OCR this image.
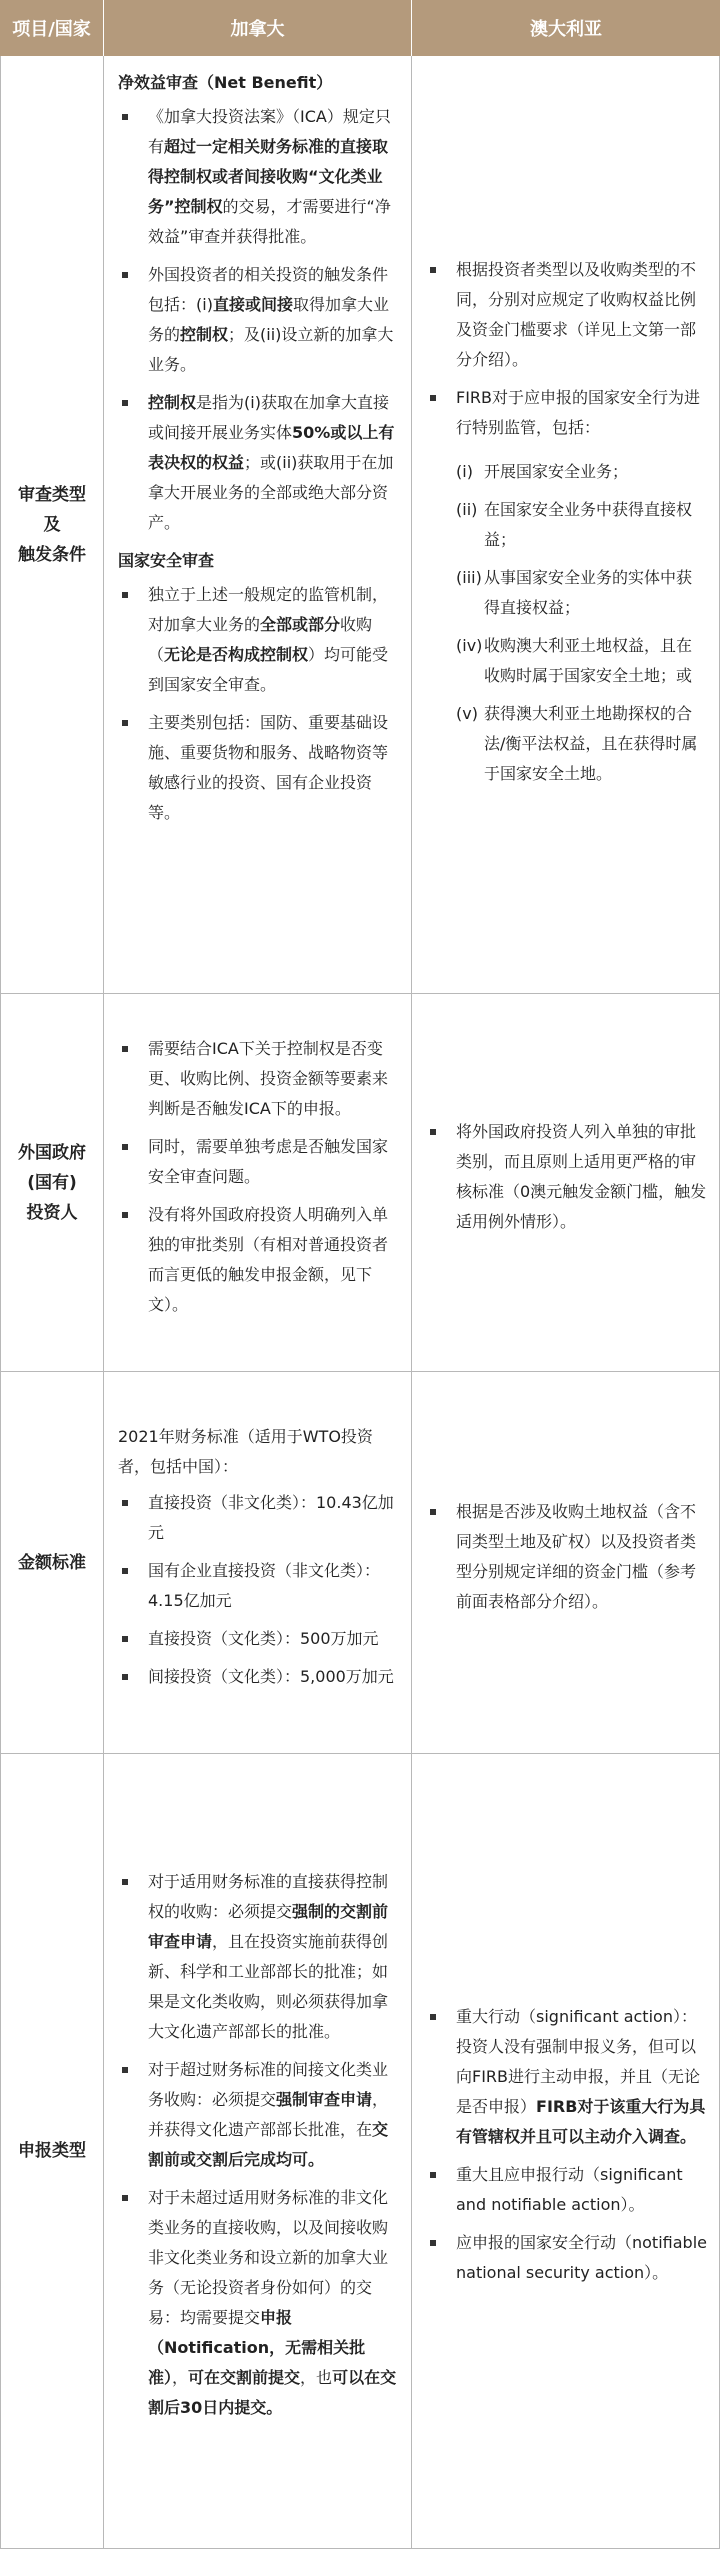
项目/国家	加拿大	澳大利亚
审查类型
及
触发条件
净效益审查（Net Benefit）
《加拿大投资法案》（ICA）规定只有超过一定相关财务标准的直接取得控制权或者间接收购“文化类业务”控制权的交易，才需要进行“净效益”审查并获得批准。
外国投资者的相关投资的触发条件包括：(i)直接或间接取得加拿大业务的控制权；及(ii)设立新的加拿大业务。
控制权是指为(i)获取在加拿大直接或间接开展业务实体50%或以上有表决权的权益；或(ii)获取用于在加拿大开展业务的全部或绝大部分资产。
国家安全审查
独立于上述一般规定的监管机制，对加拿大业务的全部或部分收购（无论是否构成控制权）均可能受到国家安全审查。
主要类别包括：国防、重要基础设施、重要货物和服务、战略物资等敏感行业的投资、国有企业投资等。
根据投资者类型以及收购类型的不同，分别对应规定了收购权益比例及资金门槛要求（详见上文第一部分介绍）。
FIRB对于应申报的国家安全行为进行特别监管，包括：
(i) 开展国家安全业务；
(ii) 在国家安全业务中获得直接权益；
(iii) 从事国家安全业务的实体中获得直接权益；
(iv) 收购澳大利亚土地权益，且在收购时属于国家安全土地；或
(v) 获得澳大利亚土地勘探权的合法/衡平法权益，且在获得时属于国家安全土地。
外国政府
(国有)
投资人
需要结合ICA下关于控制权是否变更、收购比例、投资金额等要素来判断是否触发ICA下的申报。
同时，需要单独考虑是否触发国家安全审查问题。
没有将外国政府投资人明确列入单独的审批类别（有相对普通投资者而言更低的触发申报金额，见下文）。
将外国政府投资人列入单独的审批类别，而且原则上适用更严格的审核标准（0澳元触发金额门槛，触发适用例外情形）。
金额标准
2021年财务标准（适用于WTO投资者，包括中国）：
直接投资（非文化类）：10.43亿加元
国有企业直接投资（非文化类）：4.15亿加元
直接投资（文化类）：500万加元
间接投资（文化类）：5,000万加元
根据是否涉及收购土地权益（含不同类型土地及矿权）以及投资者类型分别规定详细的资金门槛（参考前面表格部分介绍）。
申报类型
对于适用财务标准的直接获得控制权的收购：必须提交强制的交割前审查申请，且在投资实施前获得创新、科学和工业部部长的批准；如果是文化类收购，则必须获得加拿大文化遗产部部长的批准。
对于超过财务标准的间接文化类业务收购：必须提交强制审查申请，并获得文化遗产部部长批准，在交割前或交割后完成均可。
对于未超过适用财务标准的非文化类业务的直接收购，以及间接收购非文化类业务和设立新的加拿大业务（无论投资者身份如何）的交易：均需要提交申报（Notification，无需相关批准），可在交割前提交，也可以在交割后30日内提交。
重大行动（significant action）：投资人没有强制申报义务，但可以向FIRB进行主动申报，并且（无论是否申报）FIRB对于该重大行为具有管辖权并且可以主动介入调查。
重大且应申报行动（significant and notifiable action）。
应申报的国家安全行动（notifiable national security action）。
